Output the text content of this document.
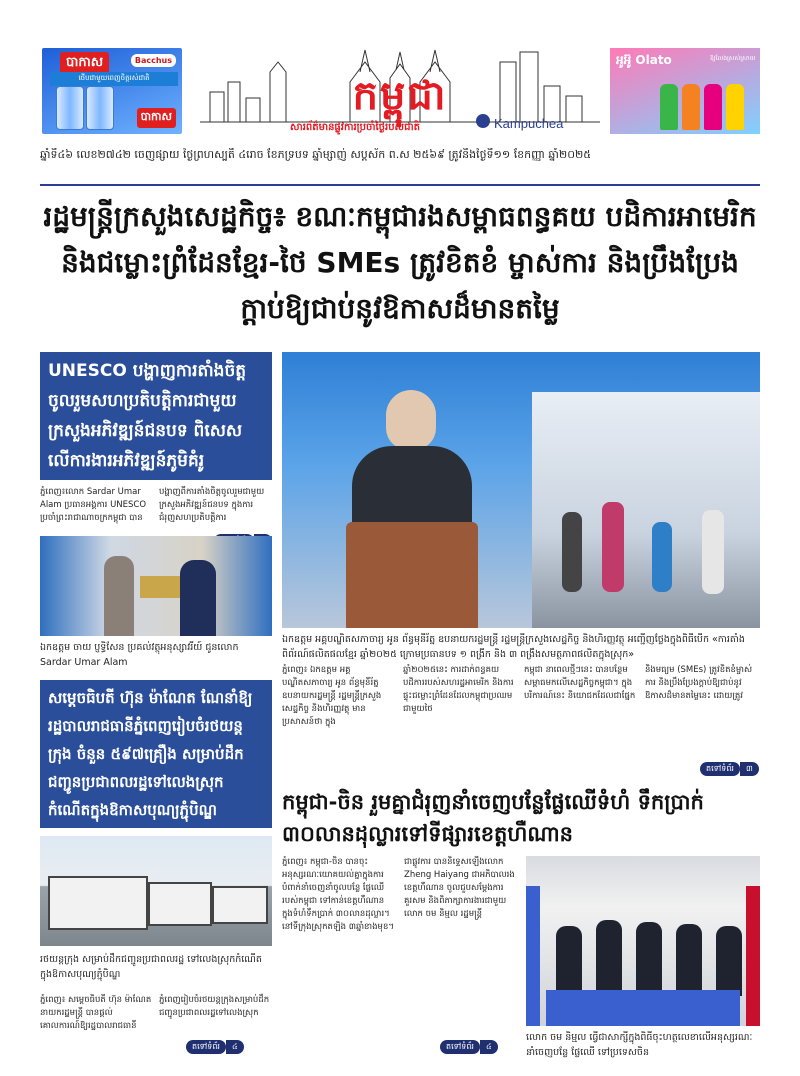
បាកាស	Bacchus
ថើបជាមួយពេញចិត្តរស់ជាតិ
បាកាស
អូអ៊ូ Olato	ឱ្យលែងស្រស់ស្រាយ
កម្ពុជា
សារព័ត៌មានផ្លូវការប្រចាំថ្ងៃរបស់ជាតិ	Kampuchea
ឆ្នាំទី៤៦ លេខ២៧៤២ ចេញផ្សាយ ថ្ងៃព្រហស្បតិ៍ ៤រោច ខែភទ្របទ ឆ្នាំម្សាញ់ សប្តស័ក ព.ស ២៥៦៩ ត្រូវនឹងថ្ងៃទី១១ ខែកញ្ញា ឆ្នាំ២០២៥
រដ្ឋមន្រ្តីក្រសួងសេដ្ឋកិច្ច៖ ខណៈកម្ពុជារងសម្ពាធពន្ធគយ បដិការអាមេរិក និងជម្លោះព្រំដែនខ្មែរ-ថៃ SMEs ត្រូវខិតខំ ម្ចាស់ការ និងប្រឹងប្រែងក្តាប់ឱ្យជាប់នូវឱកាសដ៏មានតម្លៃ
UNESCO បង្ហាញការតាំងចិត្តចូលរួមសហប្រតិបត្តិការជាមួយក្រសួងអភិវឌ្ឍន៍ជនបទ ពិសេសលើការងារអភិវឌ្ឍន៍ភូមិគំរូ
ភ្នំពេញ៖លោក Sardar Umar Alam ប្រធានអង្គការ UNESCO ប្រចាំព្រះរាជាណាចក្រកម្ពុជា បាន
បង្ហាញពីការតាំងចិត្តចូលរួមជាមួយក្រសួងអភិវឌ្ឍន៍ជនបទ ក្នុងការជំរុញសហប្រតិបត្តិការ
ឯកឧត្តម ចាយ ប្ញទ្ធិសែន ប្រគល់វត្ថុអនុស្សាវរីយ៍ ជូនលោក Sardar Umar Alam
សម្តេចធិបតី ហ៊ុន ម៉ាណែត ណែនាំឱ្យរដ្ឋបាលរាជធានីភ្នំពេញរៀបចំរថយន្តក្រុង ចំនួន ៥៩៧គ្រឿង សម្រាប់ដឹកជញ្ជូនប្រជាពលរដ្ឋទៅលេងស្រុកកំណើតក្នុងឱកាសបុណ្យភ្ជុំបិណ្ឌ
រថយន្តក្រុង សម្រាប់ដឹកជញ្ជូនប្រជាពលរដ្ឋ ទៅលេងស្រុកកំណើតក្នុងឱកាសបុណ្យភ្ជុំបិណ្ឌ
ភ្នំពេញ៖ សម្តេចធិបតី ហ៊ុន ម៉ាណែត នាយករដ្ឋមន្រ្តី បានផ្តល់គោលការណ៍ឱ្យរដ្ឋបាលរាជធានី
ភ្នំពេញរៀបចំរថយន្តក្រុងសម្រាប់ដឹកជញ្ជូនប្រជាពលរដ្ឋទៅលេងស្រុក
តទៅទំព័រ ៤
ឯកឧត្តម អគ្គបណ្ឌិតសភាចារ្យ អូន ព័ន្ធមុនីរ័ត្ន ឧបនាយករដ្ឋមន្រ្តី រដ្ឋមន្រ្តីក្រសួងសេដ្ឋកិច្ច និងហិរញ្ញវត្ថុ អញ្ជើញថ្លែងក្នុងពិធីបើក «ការតាំងពិព័រណ៍ផលិតផលខ្មែរ ឆ្នាំ២០២៥ ក្រោមប្រធានបទ ១ ពង្រីក និង ៣ ពង្រឹងសមត្ថភាពផលិតក្នុងស្រុក»
ភ្នំពេញ៖ ឯកឧត្តម អគ្គបណ្ឌិតសភាចារ្យ អូន ព័ន្ធមុនីរ័ត្ន ឧបនាយករដ្ឋមន្រ្តី រដ្ឋមន្រ្តីក្រសួងសេដ្ឋកិច្ច និងហិរញ្ញវត្ថុ មានប្រសាសន៍ថា ក្នុង
ឆ្នាំ២០២៥នេះ ការដាក់ពន្ធគយបដិការរបស់សហរដ្ឋអាមេរិក និងការផ្ទុះជម្លោះព្រំដែនដែលកម្ពុជាប្រឈមជាមួយថៃ
កម្ពុជា នាពេលថ្មីៗនេះ បានបន្ថែមសម្ពាធមកលើសេដ្ឋកិច្ចកម្ពុជា។ ក្នុងបរិការណ៍នេះ និយោជកដែលជាផ្នែក
និងមធ្យម (SMEs) ត្រូវខិតខំម្ចាស់ការ និងប្រឹងប្រែងក្តាប់ឱ្យជាប់នូវឱកាសដ៏មានតម្លៃនេះ ដោយត្រូវ
តទៅទំព័រ ៣
កម្ពុជា-ចិន រួមគ្នាជំរុញនាំចេញបន្លែផ្លែឈើទំហំ ទឹកប្រាក់ ៣០លានដុល្លារទៅទីផ្សារខេត្តហឺណាន
ភ្នំពេញ៖ កម្ពុជា-ចិន បានចុះអនុស្សរណៈយោគយល់គ្នាក្នុងការបំពាក់នាំចេញនាំចូលបន្លែ ផ្លែឈើ របស់កម្ពុជា ទៅកាន់ខេត្តហឺណាន ក្នុងទំហំទឹកប្រាក់ ៣០លានដុល្លារ។ នៅទីក្រុងស្រុកតឡិង ៣ឆ្នាំខាងមុខ។
ជាផ្លូវការ បាននិទ្ទេសឡើងលោក Zheng Haiyang ជាអភិបាលរងខេត្តហឺណាន ចូលជួបសម្តែងការគួរសម និងពិភាក្សាការងារជាមួយលោក ចម និម្មល រដ្ឋមន្រ្តី
តទៅទំព័រ ៤
លោក ចម និម្មល ធ្វើជាសាក្សីក្នុងពិធីចុះហត្ថលេខាលើអនុស្សរណៈ នាំចេញបន្លែ ផ្លែឈើ ទៅប្រទេសចិន
